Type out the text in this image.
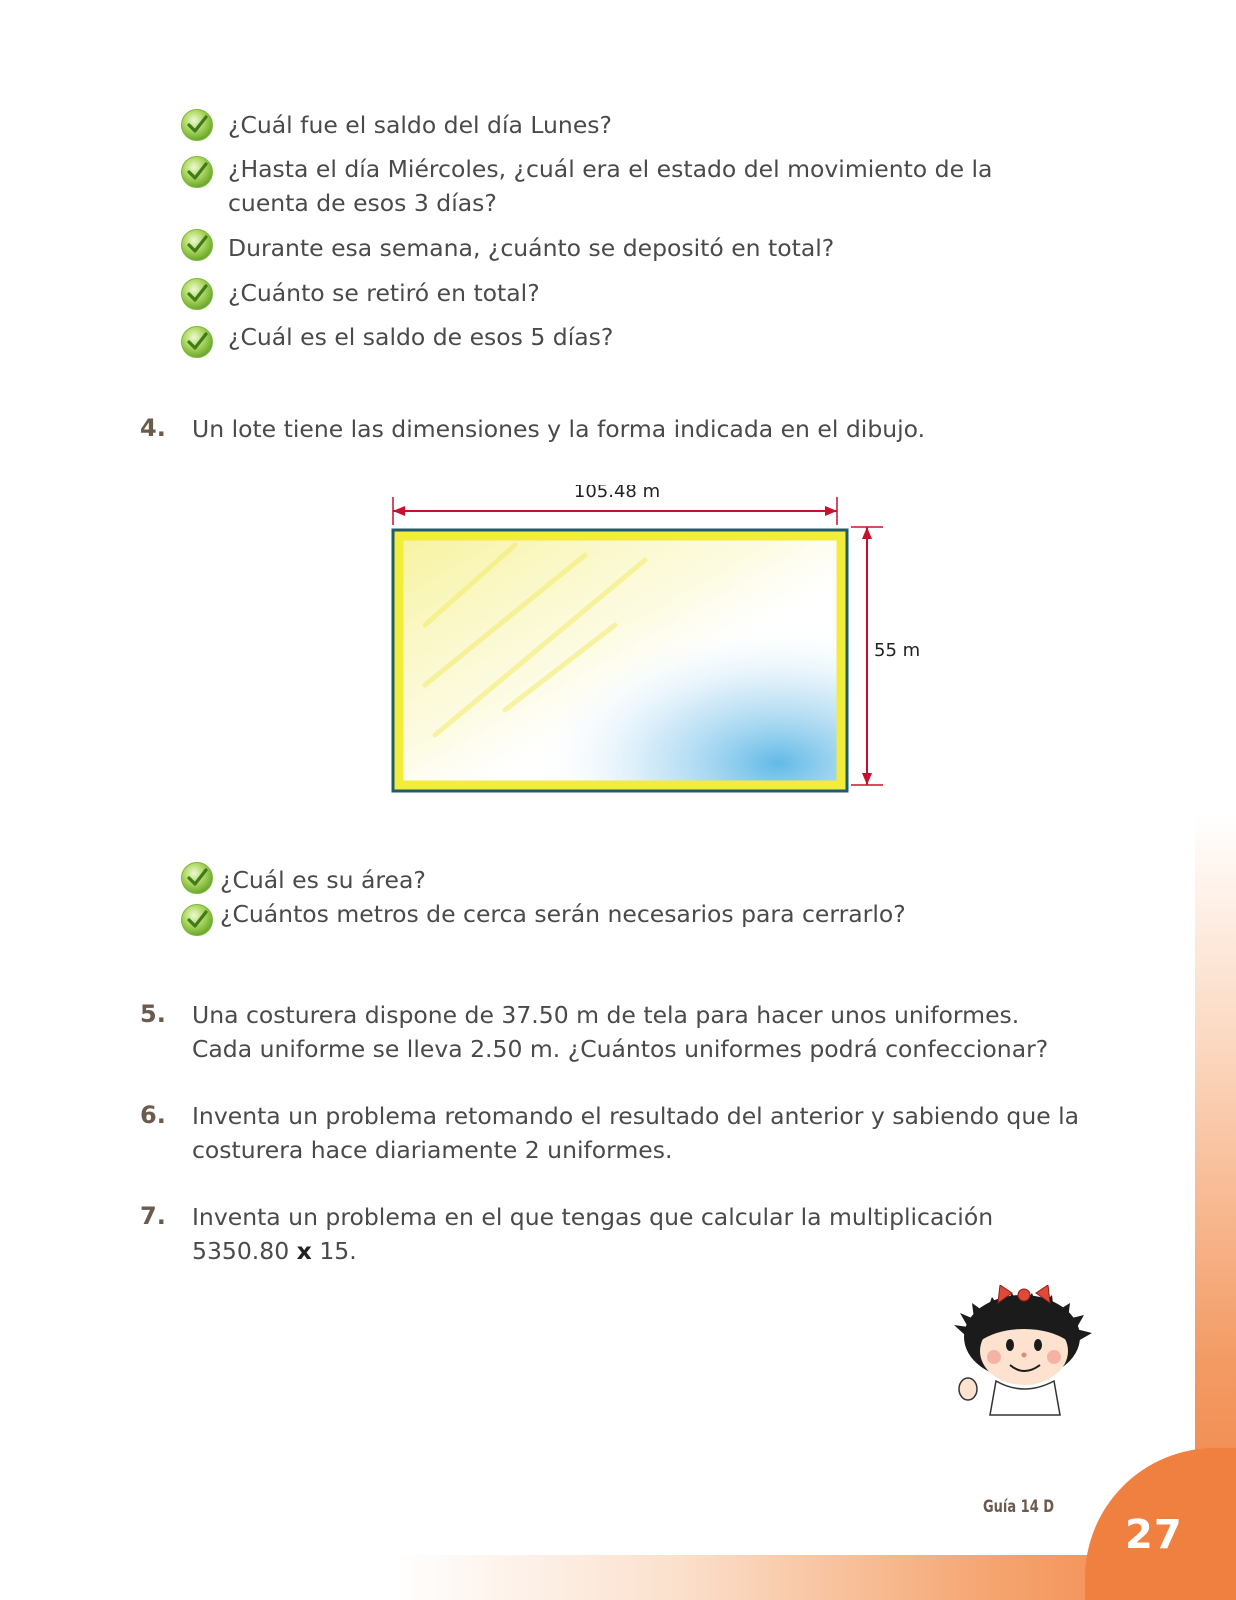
¿Cuál fue el saldo del día Lunes?
¿Hasta el día Miércoles, ¿cuál era el estado del movimiento de la
cuenta de esos 3 días?
Durante esa semana, ¿cuánto se depositó en total?
¿Cuánto se retiró en total?
¿Cuál es el saldo de esos 5 días?
4. Un lote tiene las dimensiones y la forma indicada en el dibujo.
105.48 m
55 m
¿Cuál es su área?
¿Cuántos metros de cerca serán necesarios para cerrarlo?
5. Una costurera dispone de 37.50 m de tela para hacer unos uniformes.
Cada uniforme se lleva 2.50 m. ¿Cuántos uniformes podrá confeccionar?
6. Inventa un problema retomando el resultado del anterior y sabiendo que la
costurera hace diariamente 2 uniformes.
7. Inventa un problema en el que tengas que calcular la multiplicación
5350.80 x 15.
Guía 14 D
27
